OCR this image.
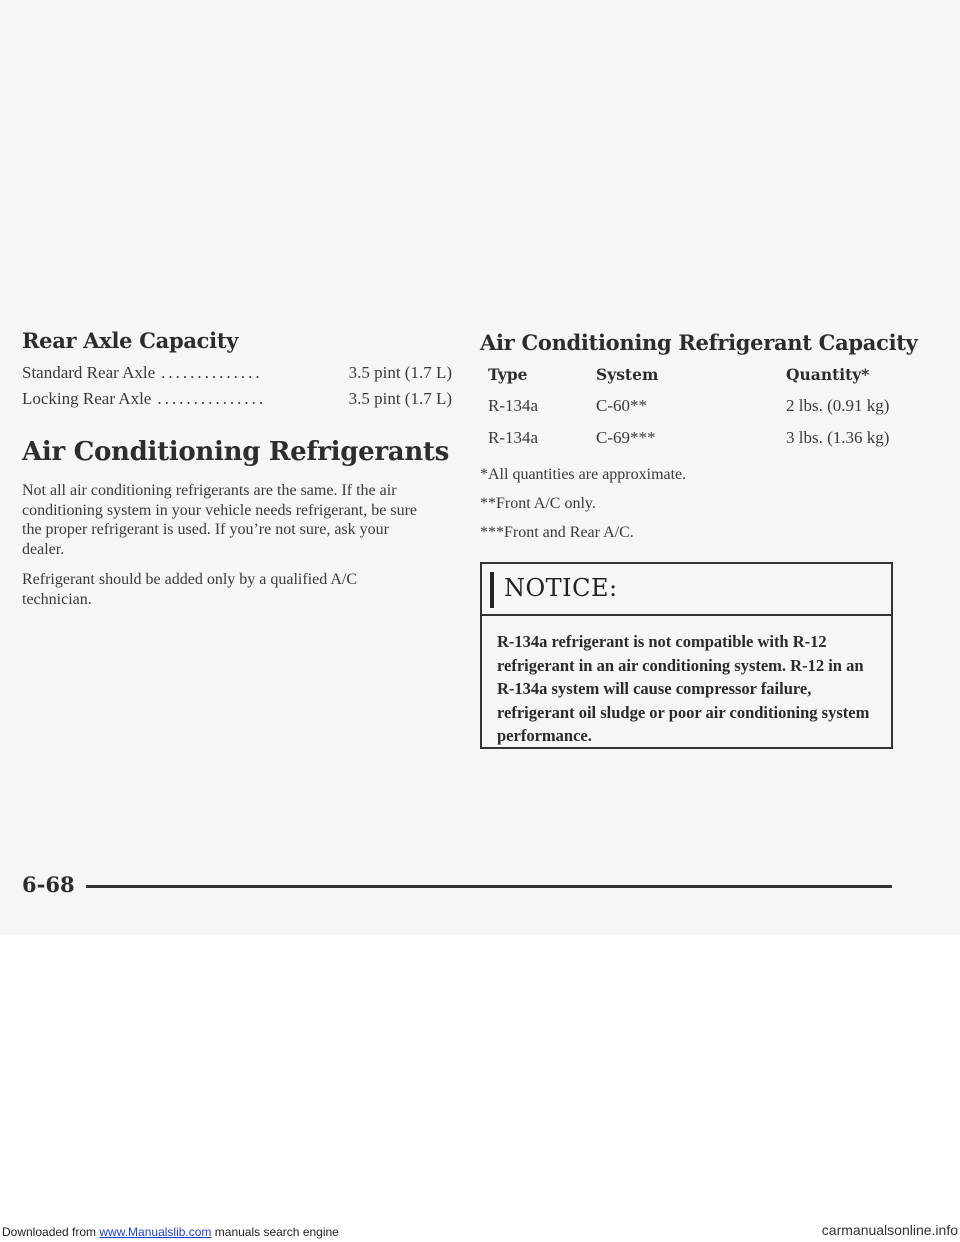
Rear Axle Capacity
Standard Rear Axle ..............	3.5 pint (1.7 L)
Locking Rear Axle ...............	3.5 pint (1.7 L)
Air Conditioning Refrigerants

Not all air conditioning refrigerants are the same. If the air conditioning system in your vehicle needs refrigerant, be sure the proper refrigerant is used. If you’re not sure, ask your dealer.

Refrigerant should be added only by a qualified A/C technician.

Air Conditioning Refrigerant Capacity
Type	System	Quantity*
R-134a	C-60**	2 lbs. (0.91 kg)
R-134a	C-69***	3 lbs. (1.36 kg)
*All quantities are approximate.
**Front A/C only.
***Front and Rear A/C.
NOTICE:
R-134a refrigerant is not compatible with R-12 refrigerant in an air conditioning system. R-12 in an R-134a system will cause compressor failure, refrigerant oil sludge or poor air conditioning system performance.
6-68
Downloaded from www.Manualslib.com manuals search engine	carmanualsonline.info
